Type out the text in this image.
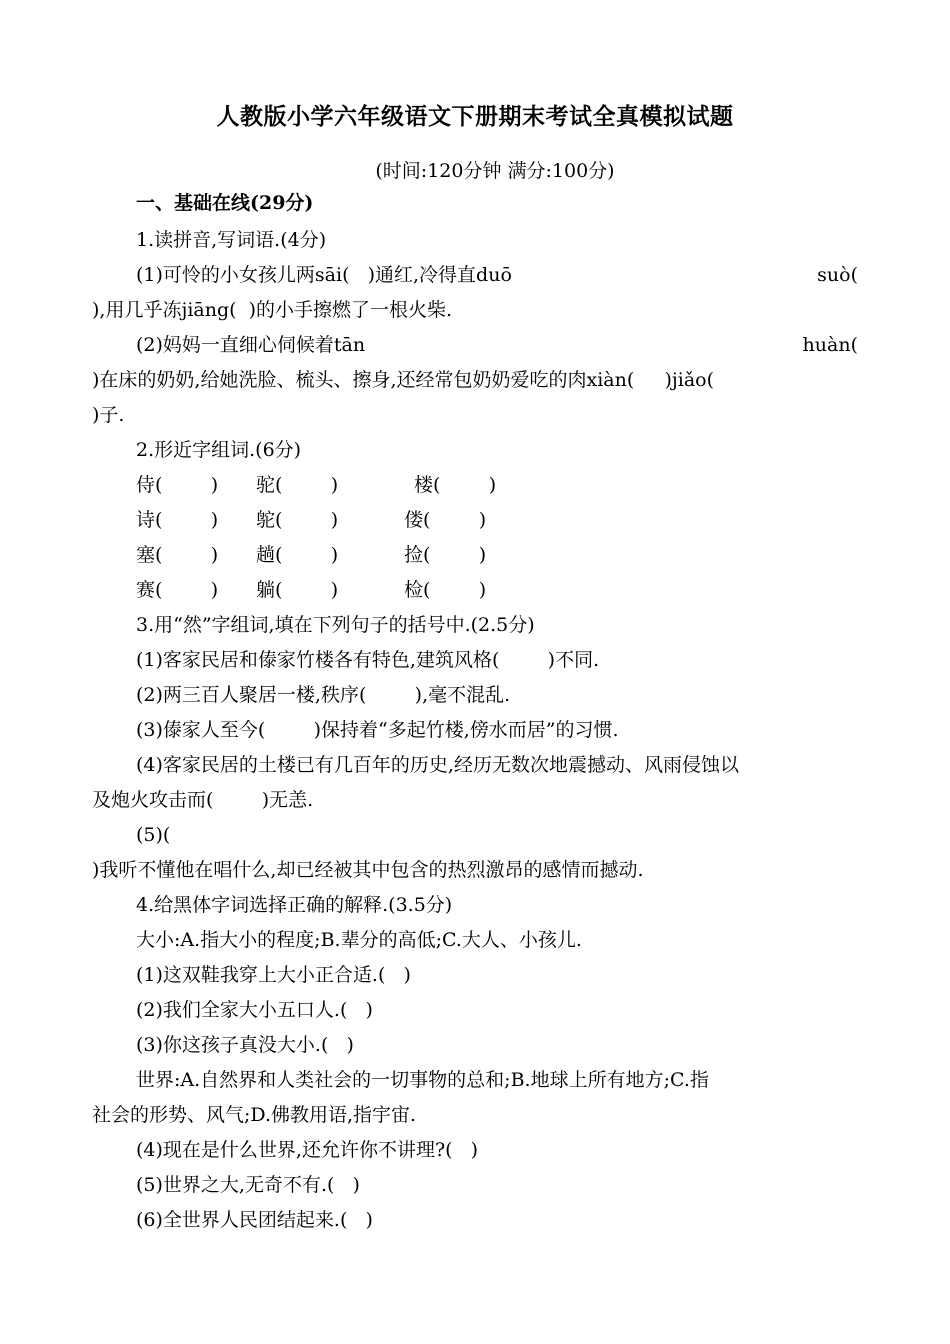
人教版小学六年级语文下册期末考试全真模拟试题
(时间:120分钟 满分:100分)
一、基础在线(29分)
1.读拼音,写词语.(4分)
(1)可怜的小女孩儿两sāi(   )通红,冷得直duō	suò(
),用几乎冻jiāng(  )的小手擦燃了一根火柴.
(2)妈妈一直细心伺候着tān	huàn(
)在床的奶奶,给她洗脸、梳头、擦身,还经常包奶奶爱吃的肉xiàn(     )jiǎo(
)子.
2.形近字组词.(6分)
侍(        ) 驼(        )	楼(        )
诗(        ) 鸵(        )	偻(        )
塞(        ) 趟(        )	捡(        )
赛(        ) 躺(        )	检(        )
3.用“然”字组词,填在下列句子的括号中.(2.5分)
(1)客家民居和傣家竹楼各有特色,建筑风格(        )不同.
(2)两三百人聚居一楼,秩序(        ),毫不混乱.
(3)傣家人至今(        )保持着“多起竹楼,傍水而居”的习惯.
(4)客家民居的土楼已有几百年的历史,经历无数次地震撼动、风雨侵蚀以
及炮火攻击而(        )无恙.
(5)(
)我听不懂他在唱什么,却已经被其中包含的热烈激昂的感情而撼动.
4.给黑体字词选择正确的解释.(3.5分)
大小:A.指大小的程度;B.辈分的高低;C.大人、小孩儿.
(1)这双鞋我穿上大小正合适.(   )
(2)我们全家大小五口人.(   )
(3)你这孩子真没大小.(   )
世界:A.自然界和人类社会的一切事物的总和;B.地球上所有地方;C.指
社会的形势、风气;D.佛教用语,指宇宙.
(4)现在是什么世界,还允许你不讲理?(   )
(5)世界之大,无奇不有.(   )
(6)全世界人民团结起来.(   )
